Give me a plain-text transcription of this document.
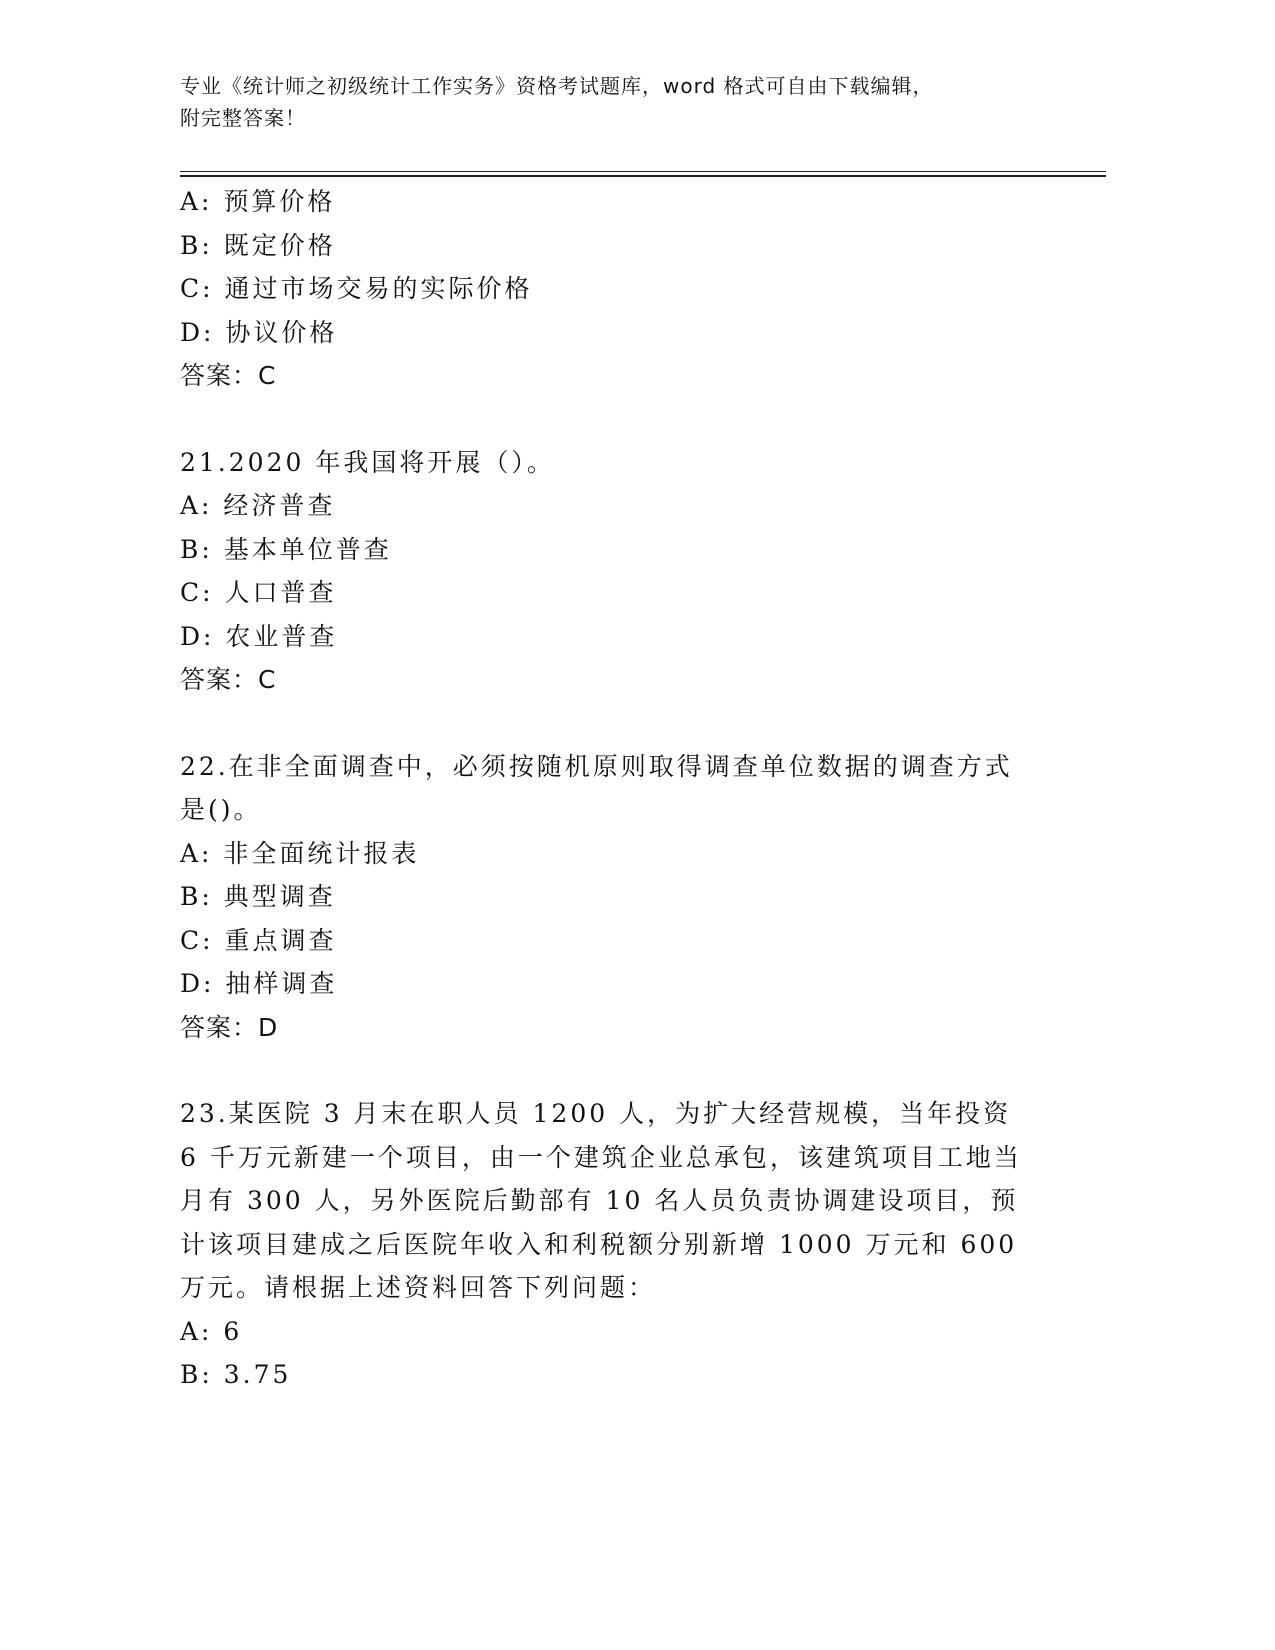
专业《统计师之初级统计工作实务》资格考试题库，word 格式可自由下载编辑，
附完整答案！
A: 预算价格
B: 既定价格
C: 通过市场交易的实际价格
D: 协议价格
答案：C
21.2020 年我国将开展（）。
A: 经济普查
B: 基本单位普查
C: 人口普查
D: 农业普查
答案：C
22.在非全面调查中，必须按随机原则取得调查单位数据的调查方式是()。
A: 非全面统计报表
B: 典型调查
C: 重点调查
D: 抽样调查
答案：D
23.某医院 3 月末在职人员 1200 人，为扩大经营规模，当年投资 6 千万元新建一个项目，由一个建筑企业总承包，该建筑项目工地当月有 300 人，另外医院后勤部有 10 名人员负责协调建设项目，预计该项目建成之后医院年收入和利税额分别新增 1000 万元和 600 万元。请根据上述资料回答下列问题：
A: 6
B: 3.75
